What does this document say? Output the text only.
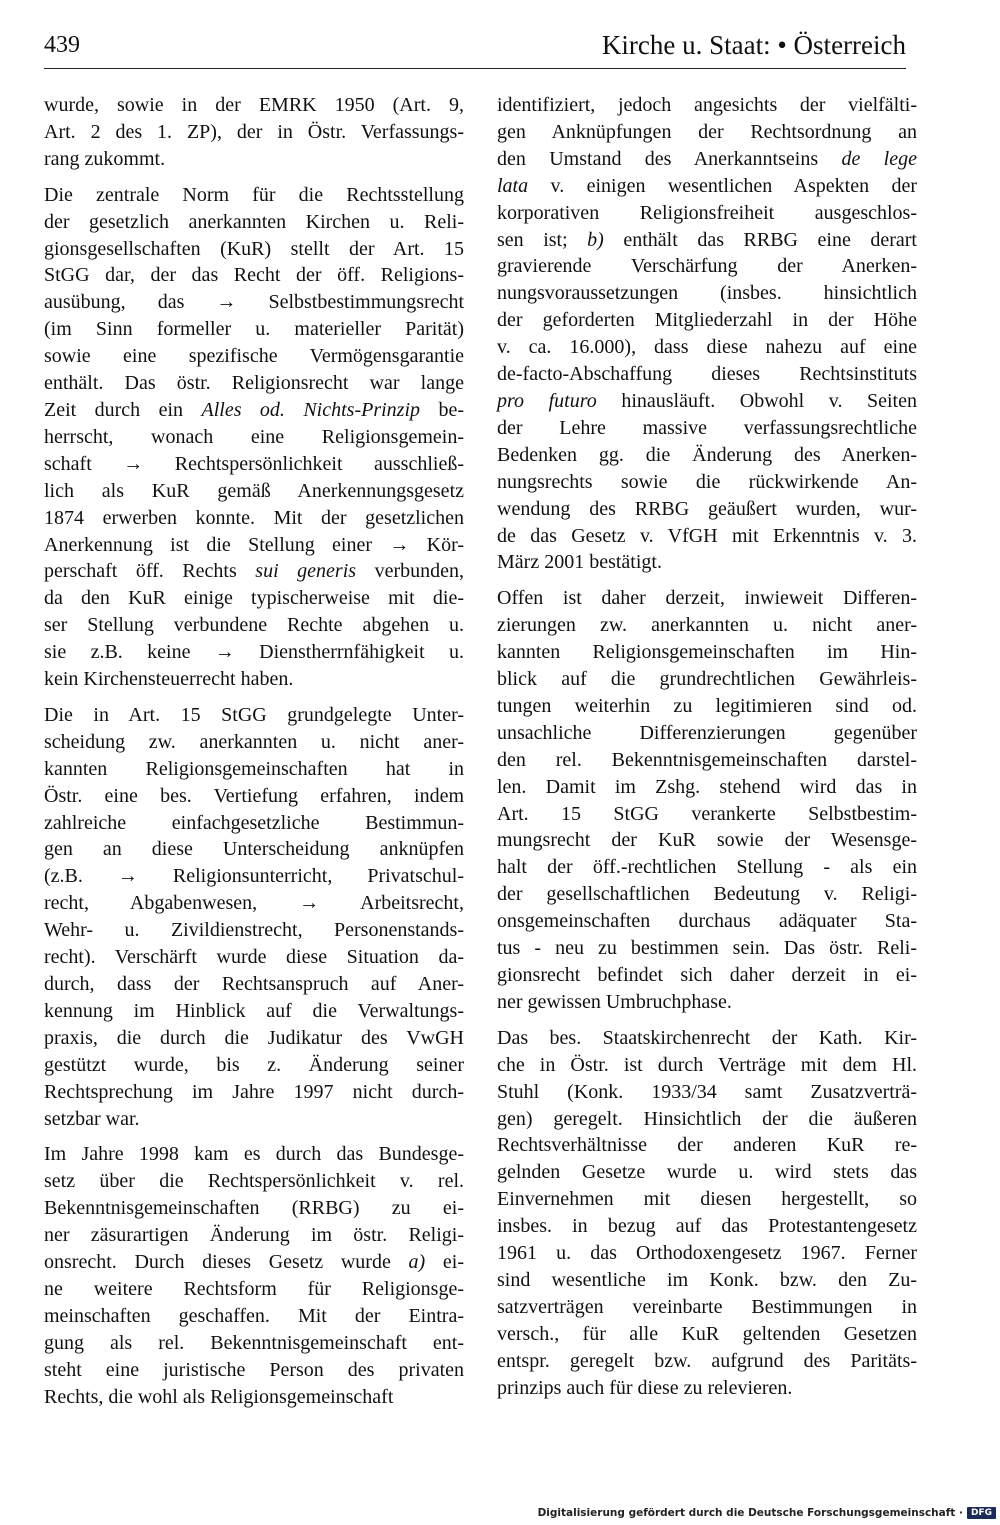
439	Kirche u. Staat: • Österreich
wurde, sowie in der EMRK 1950 (Art. 9,
Art. 2 des 1. ZP), der in Östr. Verfassungs-
rang zukommt.
Die zentrale Norm für die Rechtsstellung
der gesetzlich anerkannten Kirchen u. Reli-
gionsgesellschaften (KuR) stellt der Art. 15
StGG dar, der das Recht der öff. Religions-
ausübung, das → Selbstbestimmungsrecht
(im Sinn formeller u. materieller Parität)
sowie eine spezifische Vermögensgarantie
enthält. Das östr. Religionsrecht war lange
Zeit durch ein Alles od. Nichts-Prinzip be-
herrscht, wonach eine Religionsgemein-
schaft → Rechtspersönlichkeit ausschließ-
lich als KuR gemäß Anerkennungsgesetz
1874 erwerben konnte. Mit der gesetzlichen
Anerkennung ist die Stellung einer → Kör-
perschaft öff. Rechts sui generis verbunden,
da den KuR einige typischerweise mit die-
ser Stellung verbundene Rechte abgehen u.
sie z.B. keine → Dienstherrnfähigkeit u.
kein Kirchensteuerrecht haben.
Die in Art. 15 StGG grundgelegte Unter-
scheidung zw. anerkannten u. nicht aner-
kannten Religionsgemeinschaften hat in
Östr. eine bes. Vertiefung erfahren, indem
zahlreiche einfachgesetzliche Bestimmun-
gen an diese Unterscheidung anknüpfen
(z.B. → Religionsunterricht, Privatschul-
recht, Abgabenwesen, → Arbeitsrecht,
Wehr- u. Zivildienstrecht, Personenstands-
recht). Verschärft wurde diese Situation da-
durch, dass der Rechtsanspruch auf Aner-
kennung im Hinblick auf die Verwaltungs-
praxis, die durch die Judikatur des VwGH
gestützt wurde, bis z. Änderung seiner
Rechtsprechung im Jahre 1997 nicht durch-
setzbar war.
Im Jahre 1998 kam es durch das Bundesge-
setz über die Rechtspersönlichkeit v. rel.
Bekenntnisgemeinschaften (RRBG) zu ei-
ner zäsurartigen Änderung im östr. Religi-
onsrecht. Durch dieses Gesetz wurde a) ei-
ne weitere Rechtsform für Religionsge-
meinschaften geschaffen. Mit der Eintra-
gung als rel. Bekenntnisgemeinschaft ent-
steht eine juristische Person des privaten
Rechts, die wohl als Religionsgemeinschaft
identifiziert, jedoch angesichts der vielfälti-
gen Anknüpfungen der Rechtsordnung an
den Umstand des Anerkanntseins de lege
lata v. einigen wesentlichen Aspekten der
korporativen Religionsfreiheit ausgeschlos-
sen ist; b) enthält das RRBG eine derart
gravierende Verschärfung der Anerken-
nungsvoraussetzungen (insbes. hinsichtlich
der geforderten Mitgliederzahl in der Höhe
v. ca. 16.000), dass diese nahezu auf eine
de-facto-Abschaffung dieses Rechtsinstituts
pro futuro hinausläuft. Obwohl v. Seiten
der Lehre massive verfassungsrechtliche
Bedenken gg. die Änderung des Anerken-
nungsrechts sowie die rückwirkende An-
wendung des RRBG geäußert wurden, wur-
de das Gesetz v. VfGH mit Erkenntnis v. 3.
März 2001 bestätigt.
Offen ist daher derzeit, inwieweit Differen-
zierungen zw. anerkannten u. nicht aner-
kannten Religionsgemeinschaften im Hin-
blick auf die grundrechtlichen Gewährleis-
tungen weiterhin zu legitimieren sind od.
unsachliche Differenzierungen gegenüber
den rel. Bekenntnisgemeinschaften darstel-
len. Damit im Zshg. stehend wird das in
Art. 15 StGG verankerte Selbstbestim-
mungsrecht der KuR sowie der Wesensge-
halt der öff.-rechtlichen Stellung - als ein
der gesellschaftlichen Bedeutung v. Religi-
onsgemeinschaften durchaus adäquater Sta-
tus - neu zu bestimmen sein. Das östr. Reli-
gionsrecht befindet sich daher derzeit in ei-
ner gewissen Umbruchphase.
Das bes. Staatskirchenrecht der Kath. Kir-
che in Östr. ist durch Verträge mit dem Hl.
Stuhl (Konk. 1933/34 samt Zusatzverträ-
gen) geregelt. Hinsichtlich der die äußeren
Rechtsverhältnisse der anderen KuR re-
gelnden Gesetze wurde u. wird stets das
Einvernehmen mit diesen hergestellt, so
insbes. in bezug auf das Protestantengesetz
1961 u. das Orthodoxengesetz 1967. Ferner
sind wesentliche im Konk. bzw. den Zu-
satzverträgen vereinbarte Bestimmungen in
versch., für alle KuR geltenden Gesetzen
entspr. geregelt bzw. aufgrund des Paritäts-
prinzips auch für diese zu relevieren.
Digitalisierung gefördert durch die Deutsche Forschungsgemeinschaft · DFG
